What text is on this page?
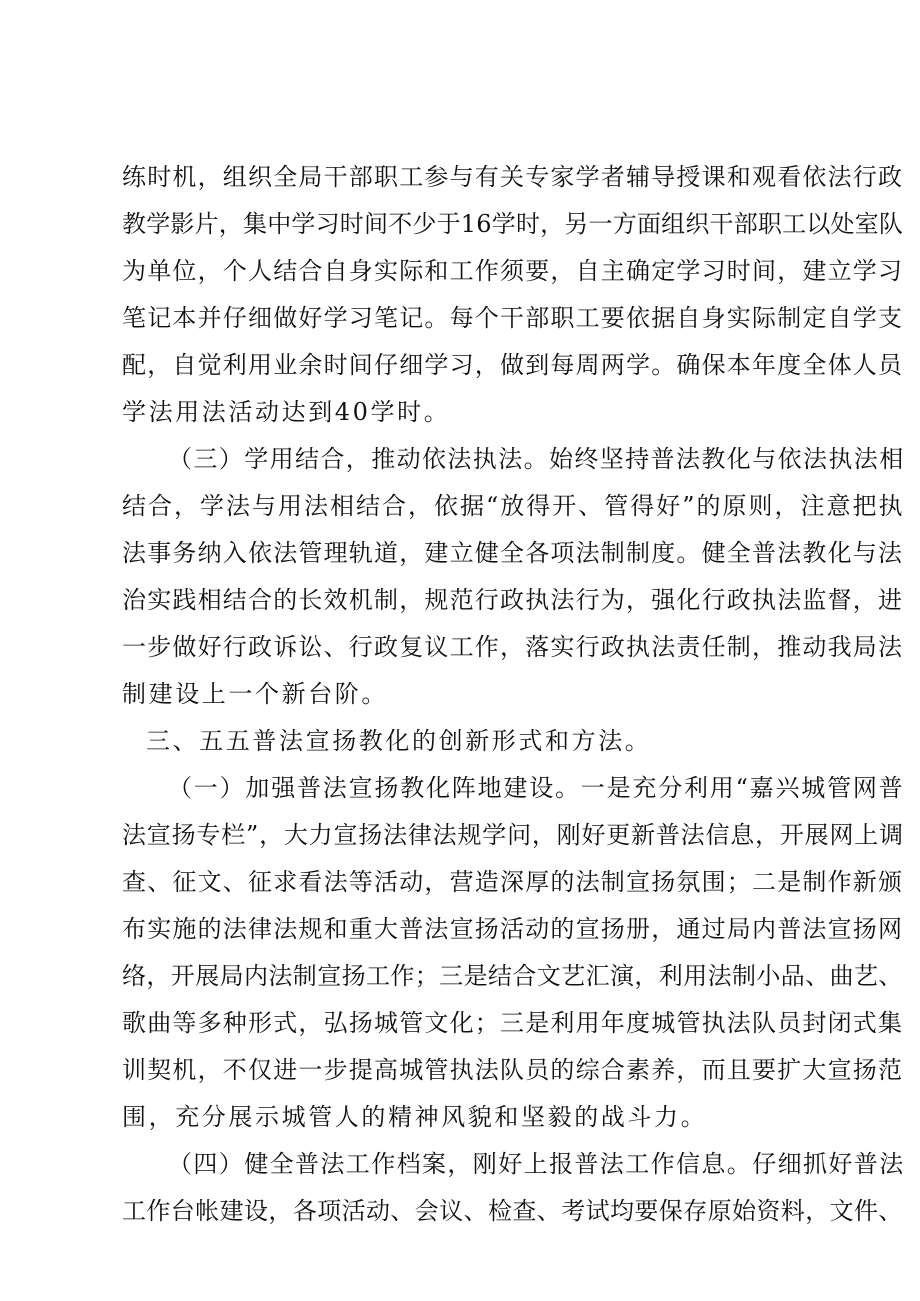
练时机，组织全局干部职工参与有关专家学者辅导授课和观看依法行政
教学影片，集中学习时间不少于16学时，另一方面组织干部职工以处室队
为单位，个人结合自身实际和工作须要，自主确定学习时间，建立学习
笔记本并仔细做好学习笔记。每个干部职工要依据自身实际制定自学支
配，自觉利用业余时间仔细学习，做到每周两学。确保本年度全体人员
学法用法活动达到40学时。
（三）学用结合，推动依法执法。始终坚持普法教化与依法执法相
结合，学法与用法相结合，依据“放得开、管得好”的原则，注意把执
法事务纳入依法管理轨道，建立健全各项法制制度。健全普法教化与法
治实践相结合的长效机制，规范行政执法行为，强化行政执法监督，进
一步做好行政诉讼、行政复议工作，落实行政执法责任制，推动我局法
制建设上一个新台阶。
三、五五普法宣扬教化的创新形式和方法。
（一）加强普法宣扬教化阵地建设。一是充分利用“嘉兴城管网普
法宣扬专栏”，大力宣扬法律法规学问，刚好更新普法信息，开展网上调
查、征文、征求看法等活动，营造深厚的法制宣扬氛围；二是制作新颁
布实施的法律法规和重大普法宣扬活动的宣扬册，通过局内普法宣扬网
络，开展局内法制宣扬工作；三是结合文艺汇演，利用法制小品、曲艺、
歌曲等多种形式，弘扬城管文化；三是利用年度城管执法队员封闭式集
训契机，不仅进一步提高城管执法队员的综合素养，而且要扩大宣扬范
围，充分展示城管人的精神风貌和坚毅的战斗力。
（四）健全普法工作档案，刚好上报普法工作信息。仔细抓好普法
工作台帐建设，各项活动、会议、检查、考试均要保存原始资料，文件、
